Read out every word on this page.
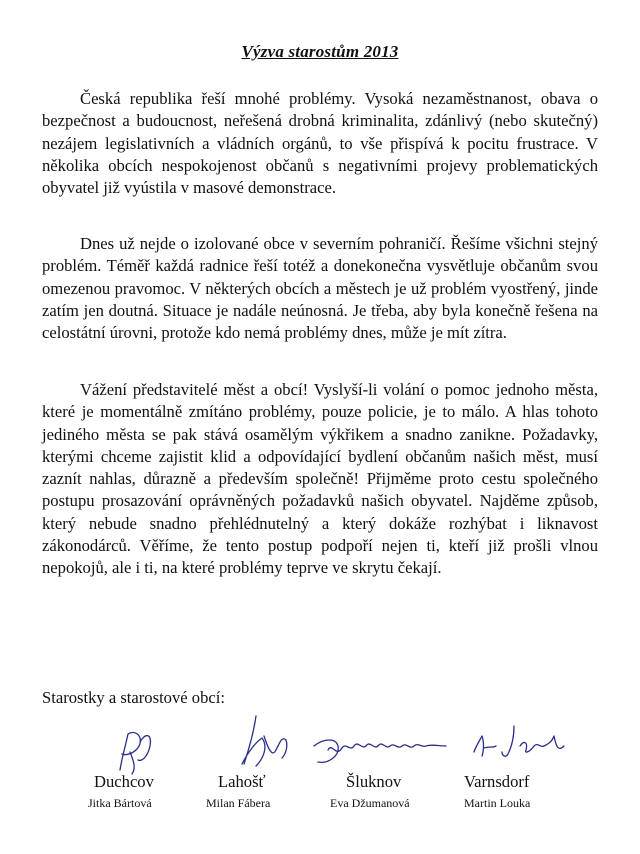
Výzva starostům 2013

Česká republika řeší mnohé problémy. Vysoká nezaměstnanost, obava o bezpečnost a budoucnost, neřešená drobná kriminalita, zdánlivý (nebo skutečný) nezájem legislativních a vládních orgánů, to vše přispívá k pocitu frustrace. V několika obcích nespokojenost občanů s negativními projevy problematických obyvatel již vyústila v masové demonstrace.

Dnes už nejde o izolované obce v severním pohraničí. Řešíme všichni stejný problém. Téměř každá radnice řeší totéž a donekonečna vysvětluje občanům svou omezenou pravomoc. V některých obcích a městech je už problém vyostřený, jinde zatím jen doutná. Situace je nadále neúnosná. Je třeba, aby byla konečně řešena na celostátní úrovni, protože kdo nemá problémy dnes, může je mít zítra.

Vážení představitelé měst a obcí! Vyslyší-li volání o pomoc jednoho města, které je momentálně zmítáno problémy, pouze policie, je to málo. A hlas tohoto jediného města se pak stává osamělým výkřikem a snadno zanikne. Požadavky, kterými chceme zajistit klid a odpovídající bydlení občanům našich měst, musí zaznít nahlas, důrazně a především společně! Přijměme proto cestu společného postupu prosazování oprávněných požadavků našich obyvatel. Najděme způsob, který nebude snadno přehlédnutelný a který dokáže rozhýbat i liknavost zákonodárců. Věříme, že tento postup podpoří nejen ti, kteří již prošli vlnou nepokojů, ale i ti, na které problémy teprve ve skrytu čekají.

Starostky a starostové obcí:
Duchcov
Jitka Bártová
Lahošť
Milan Fábera
Šluknov
Eva Džumanová
Varnsdorf
Martin Louka
